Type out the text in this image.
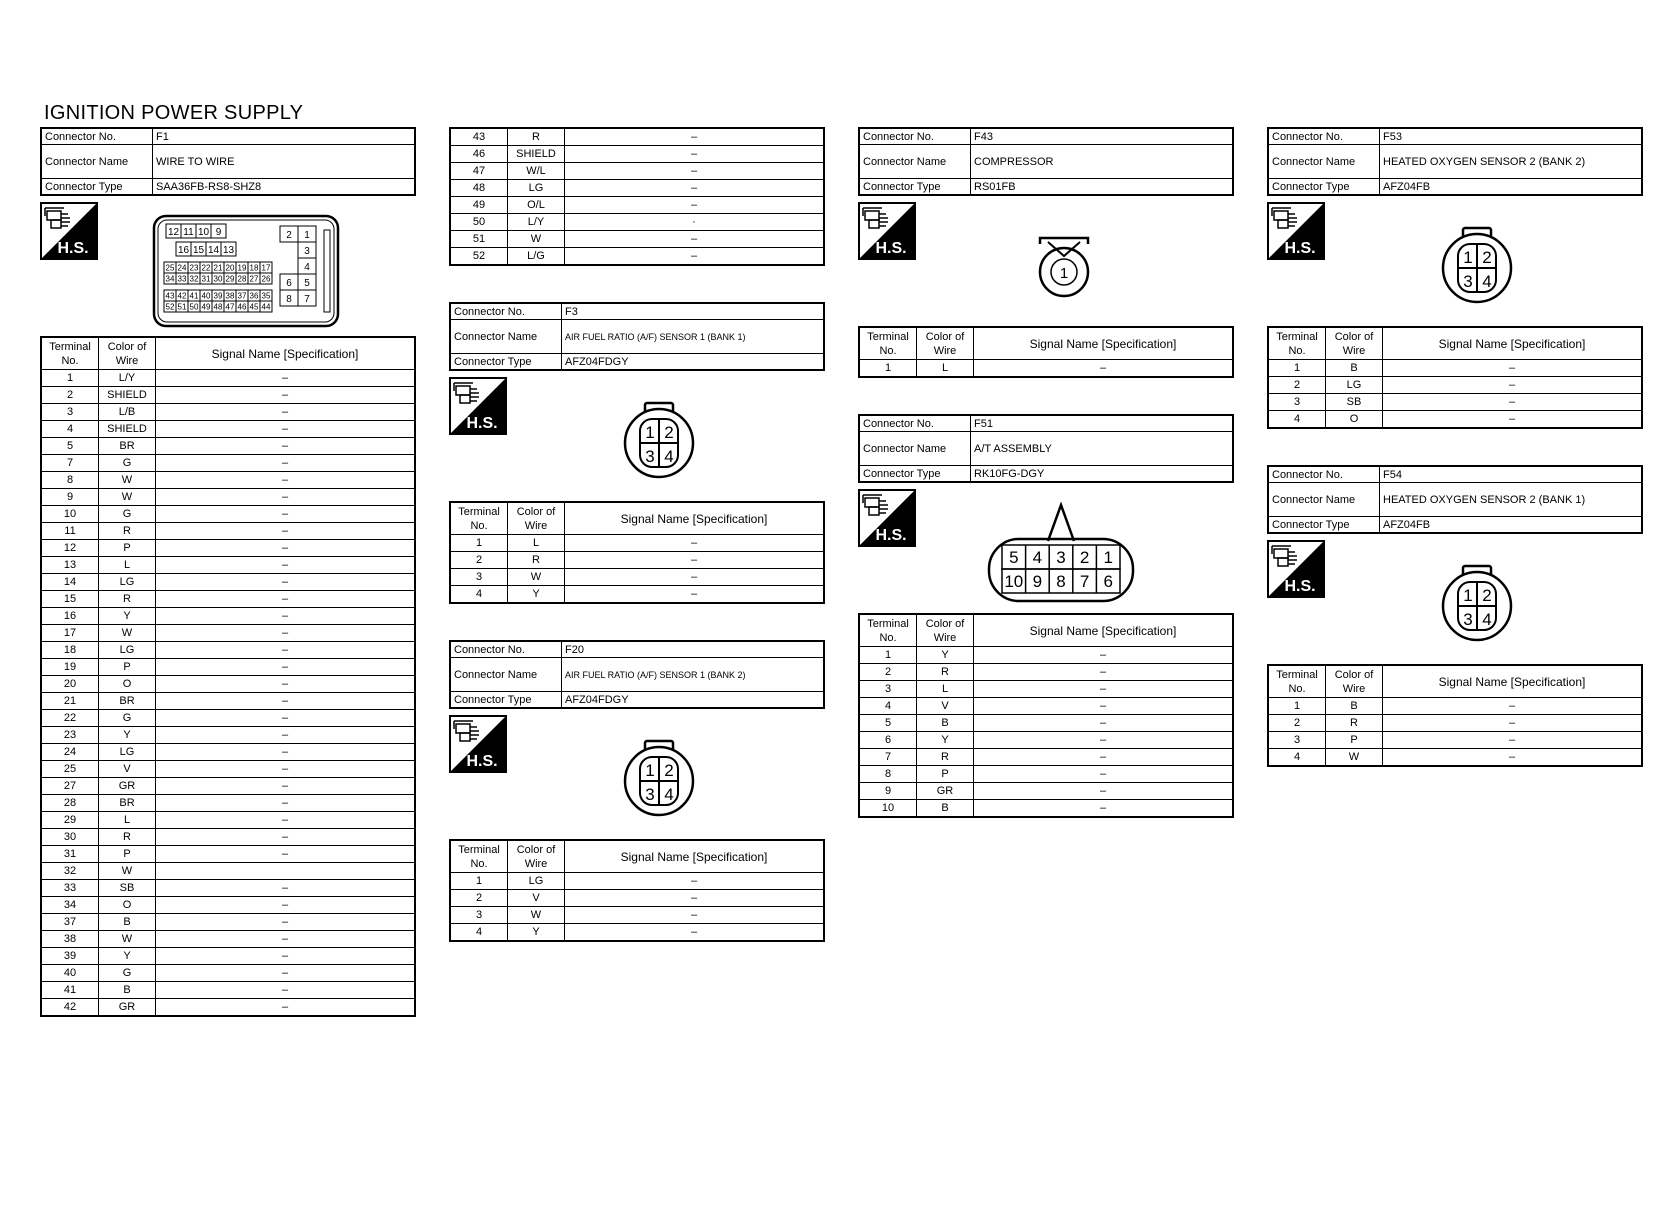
IGNITION POWER SUPPLY
Connector No.	F1
Connector Name	WIRE TO WIRE
Connector Type	SAA36FB-RS8-SHZ8
H.S.
12 11 10 9
16 15 14 13
25 24 23 22 21 20 19 18 17
34 33 32 31 30 29 28 27 26
43 42 41 40 39 38 37 36 35
52 51 50 49 48 47 46 45 44
2 1
3
4
6 5
8 7
Terminal No.	Color of Wire	Signal Name [Specification]
1	L/Y	–
2	SHIELD	–
3	L/B	–
4	SHIELD	–
5	BR	–
7	G	–
8	W	–
9	W	–
10	G	–
11	R	–
12	P	–
13	L	–
14	LG	–
15	R	–
16	Y	–
17	W	–
18	LG	–
19	P	–
20	O	–
21	BR	–
22	G	–
23	Y	–
24	LG	–
25	V	–
27	GR	–
28	BR	–
29	L	–
30	R	–
31	P	–
32	W	
33	SB	–
34	O	–
37	B	–
38	W	–
39	Y	–
40	G	–
41	B	–
42	GR	–
43	R	–
46	SHIELD	–
47	W/L	–
48	LG	–
49	O/L	–
50	L/Y	·
51	W	–
52	L/G	–
Connector No.	F3
Connector Name	AIR FUEL RATIO (A/F) SENSOR 1 (BANK 1)
Connector Type	AFZ04FDGY
H.S.	1 2
3 4
Terminal No.	Color of Wire	Signal Name [Specification]
1	L	–
2	R	–
3	W	–
4	Y	–
Connector No.	F20
Connector Name	AIR FUEL RATIO (A/F) SENSOR 1 (BANK 2)
Connector Type	AFZ04FDGY
H.S.	1 2
3 4
Terminal No.	Color of Wire	Signal Name [Specification]
1	LG	–
2	V	–
3	W	–
4	Y	–
Connector No.	F43
Connector Name	COMPRESSOR
Connector Type	RS01FB
H.S.
1
Terminal No.	Color of Wire	Signal Name [Specification]
1	L	–
Connector No.	F51
Connector Name	A/T ASSEMBLY
Connector Type	RK10FG-DGY
H.S.
5 4 3 2 1
10 9 8 7 6
Terminal No.	Color of Wire	Signal Name [Specification]
1	Y	–
2	R	–
3	L	–
4	V	–
5	B	–
6	Y	–
7	R	–
8	P	–
9	GR	–
10	B	–
Connector No.	F53
Connector Name	HEATED OXYGEN SENSOR 2 (BANK 2)
Connector Type	AFZ04FB
H.S.	1 2
3 4
Terminal No.	Color of Wire	Signal Name [Specification]
1	B	–
2	LG	–
3	SB	–
4	O	–
Connector No.	F54
Connector Name	HEATED OXYGEN SENSOR 2 (BANK 1)
Connector Type	AFZ04FB
H.S.	1 2
3 4
Terminal No.	Color of Wire	Signal Name [Specification]
1	B	–
2	R	–
3	P	–
4	W	–
